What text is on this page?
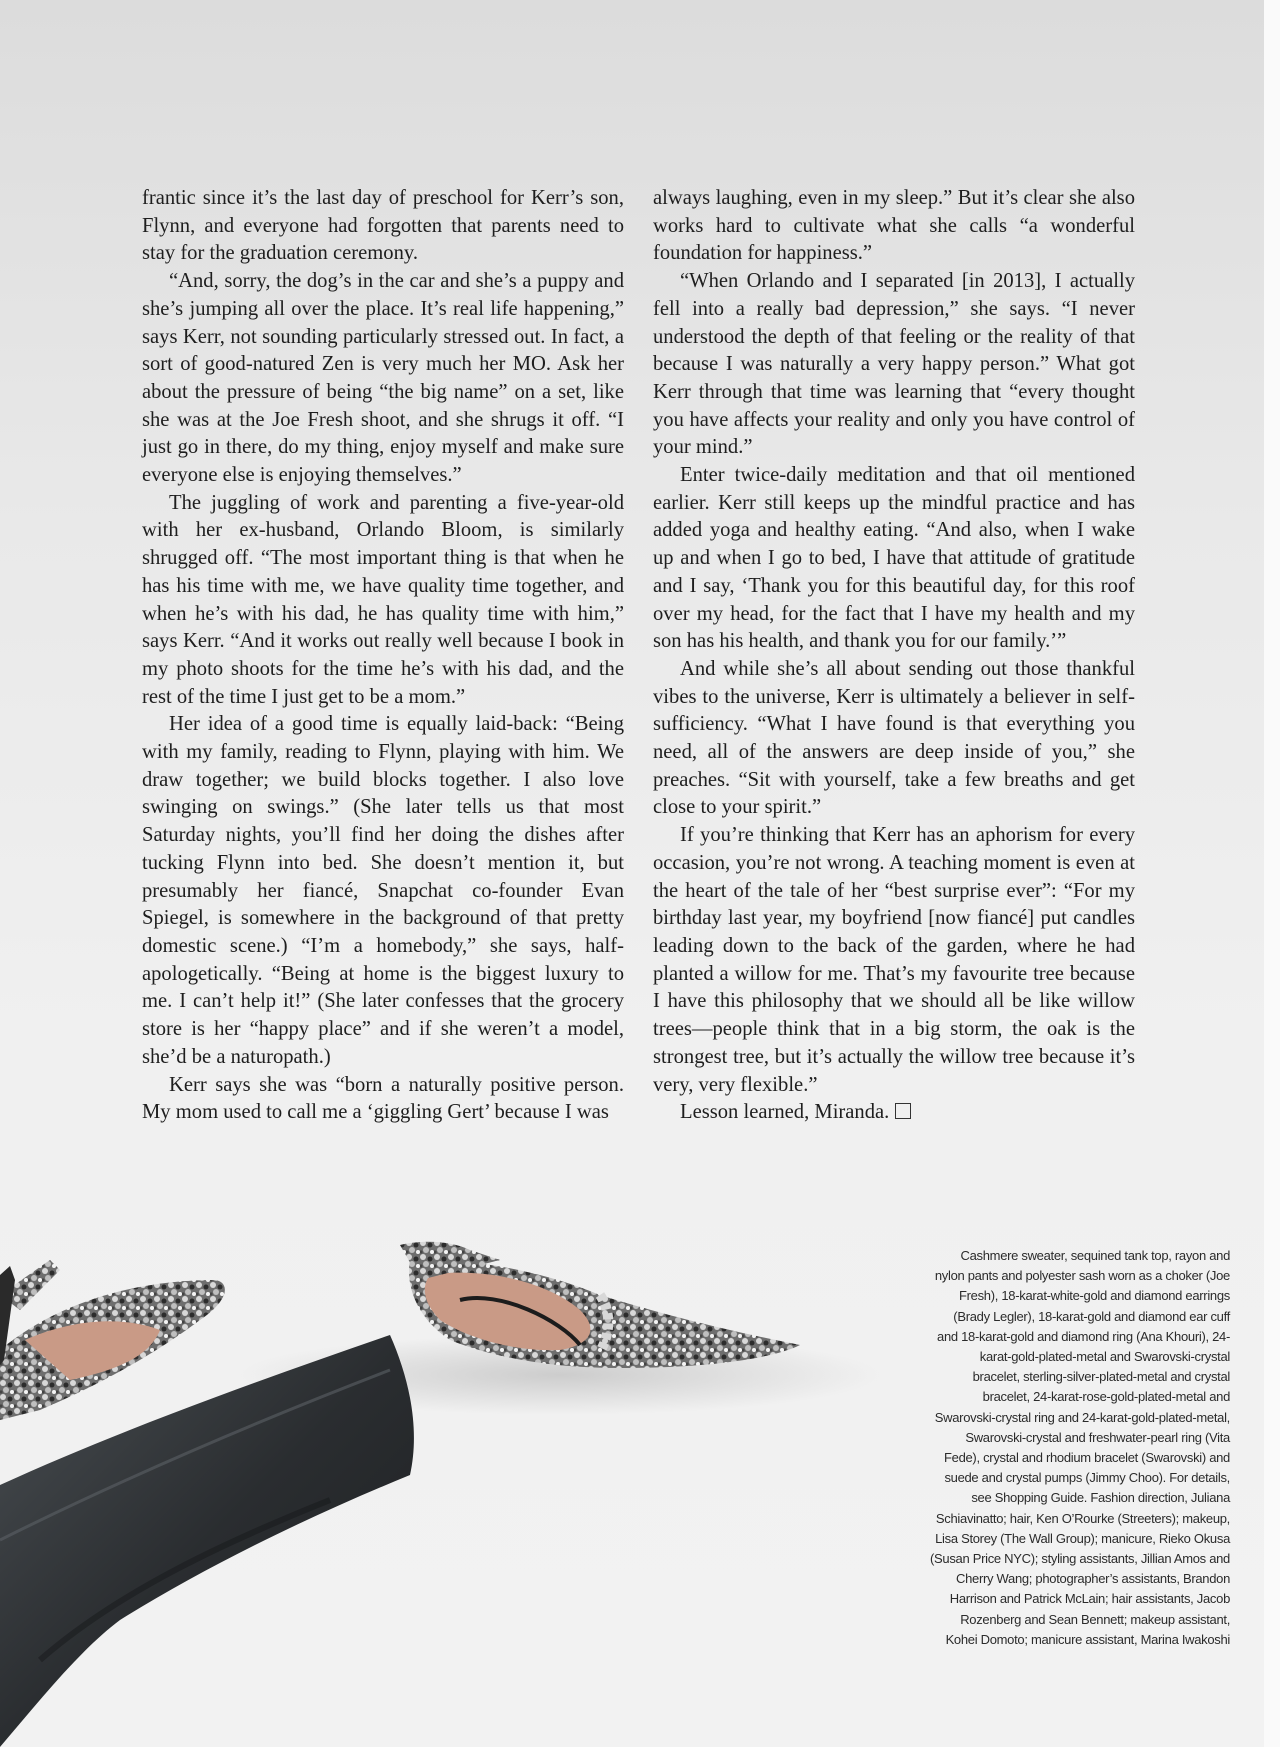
frantic since it’s the last day of preschool for Kerr’s son, Flynn, and everyone had forgotten that parents need to stay for the graduation ceremony.

“And, sorry, the dog’s in the car and she’s a puppy and she’s jumping all over the place. It’s real life happening,” says Kerr, not sounding particularly stressed out. In fact, a sort of good-natured Zen is very much her MO. Ask her about the pressure of being “the big name” on a set, like she was at the Joe Fresh shoot, and she shrugs it off. “I just go in there, do my thing, enjoy myself and make sure everyone else is enjoying themselves.”

The juggling of work and parenting a five-year-old with her ex-husband, Orlando Bloom, is similarly shrugged off. “The most important thing is that when he has his time with me, we have quality time together, and when he’s with his dad, he has quality time with him,” says Kerr. “And it works out really well because I book in my photo shoots for the time he’s with his dad, and the rest of the time I just get to be a mom.”

Her idea of a good time is equally laid-back: “Being with my family, reading to Flynn, playing with him. We draw together; we build blocks together. I also love swinging on swings.” (She later tells us that most Saturday nights, you’ll find her doing the dishes after tucking Flynn into bed. She doesn’t mention it, but presumably her fiancé, Snapchat co-founder Evan Spiegel, is somewhere in the background of that pretty domestic scene.) “I’m a homebody,” she says, half-apologetically. “Being at home is the biggest luxury to me. I can’t help it!” (She later confesses that the grocery store is her “happy place” and if she weren’t a model, she’d be a naturopath.)

Kerr says she was “born a naturally positive person. My mom used to call me a ‘giggling Gert’ because I was

always laughing, even in my sleep.” But it’s clear she also works hard to cultivate what she calls “a wonderful foundation for happiness.”

“When Orlando and I separated [in 2013], I actually fell into a really bad depression,” she says. “I never understood the depth of that feeling or the reality of that because I was naturally a very happy person.” What got Kerr through that time was learning that “every thought you have affects your reality and only you have control of your mind.”

Enter twice-daily meditation and that oil mentioned earlier. Kerr still keeps up the mindful practice and has added yoga and healthy eating. “And also, when I wake up and when I go to bed, I have that attitude of gratitude and I say, ‘Thank you for this beautiful day, for this roof over my head, for the fact that I have my health and my son has his health, and thank you for our family.’”

And while she’s all about sending out those thankful vibes to the universe, Kerr is ultimately a believer in self-sufficiency. “What I have found is that everything you need, all of the answers are deep inside of you,” she preaches. “Sit with yourself, take a few breaths and get close to your spirit.”

If you’re thinking that Kerr has an aphorism for every occasion, you’re not wrong. A teaching moment is even at the heart of the tale of her “best surprise ever”: “For my birthday last year, my boyfriend [now fiancé] put candles leading down to the back of the garden, where he had planted a willow for me. That’s my favourite tree because I have this philosophy that we should all be like willow trees—people think that in a big storm, the oak is the strongest tree, but it’s actually the willow tree because it’s very, very flexible.”

Lesson learned, Miranda.

Cashmere sweater, sequined tank top, rayon and nylon pants and polyester sash worn as a choker (Joe Fresh), 18-karat-white-gold and diamond earrings (Brady Legler), 18-karat-gold and diamond ear cuff and 18-karat-gold and diamond ring (Ana Khouri), 24-karat-gold-plated-metal and Swarovski-crystal bracelet, sterling-silver-plated-metal and crystal bracelet, 24-karat-rose-gold-plated-metal and Swarovski-crystal ring and 24-karat-gold-plated-metal, Swarovski-crystal and freshwater-pearl ring (Vita Fede), crystal and rhodium bracelet (Swarovski) and suede and crystal pumps (Jimmy Choo). For details, see Shopping Guide. Fashion direction, Juliana Schiavinatto; hair, Ken O’Rourke (Streeters); makeup, Lisa Storey (The Wall Group); manicure, Rieko Okusa (Susan Price NYC); styling assistants, Jillian Amos and Cherry Wang; photographer’s assistants, Brandon Harrison and Patrick McLain; hair assistants, Jacob Rozenberg and Sean Bennett; makeup assistant, Kohei Domoto; manicure assistant, Marina Iwakoshi
